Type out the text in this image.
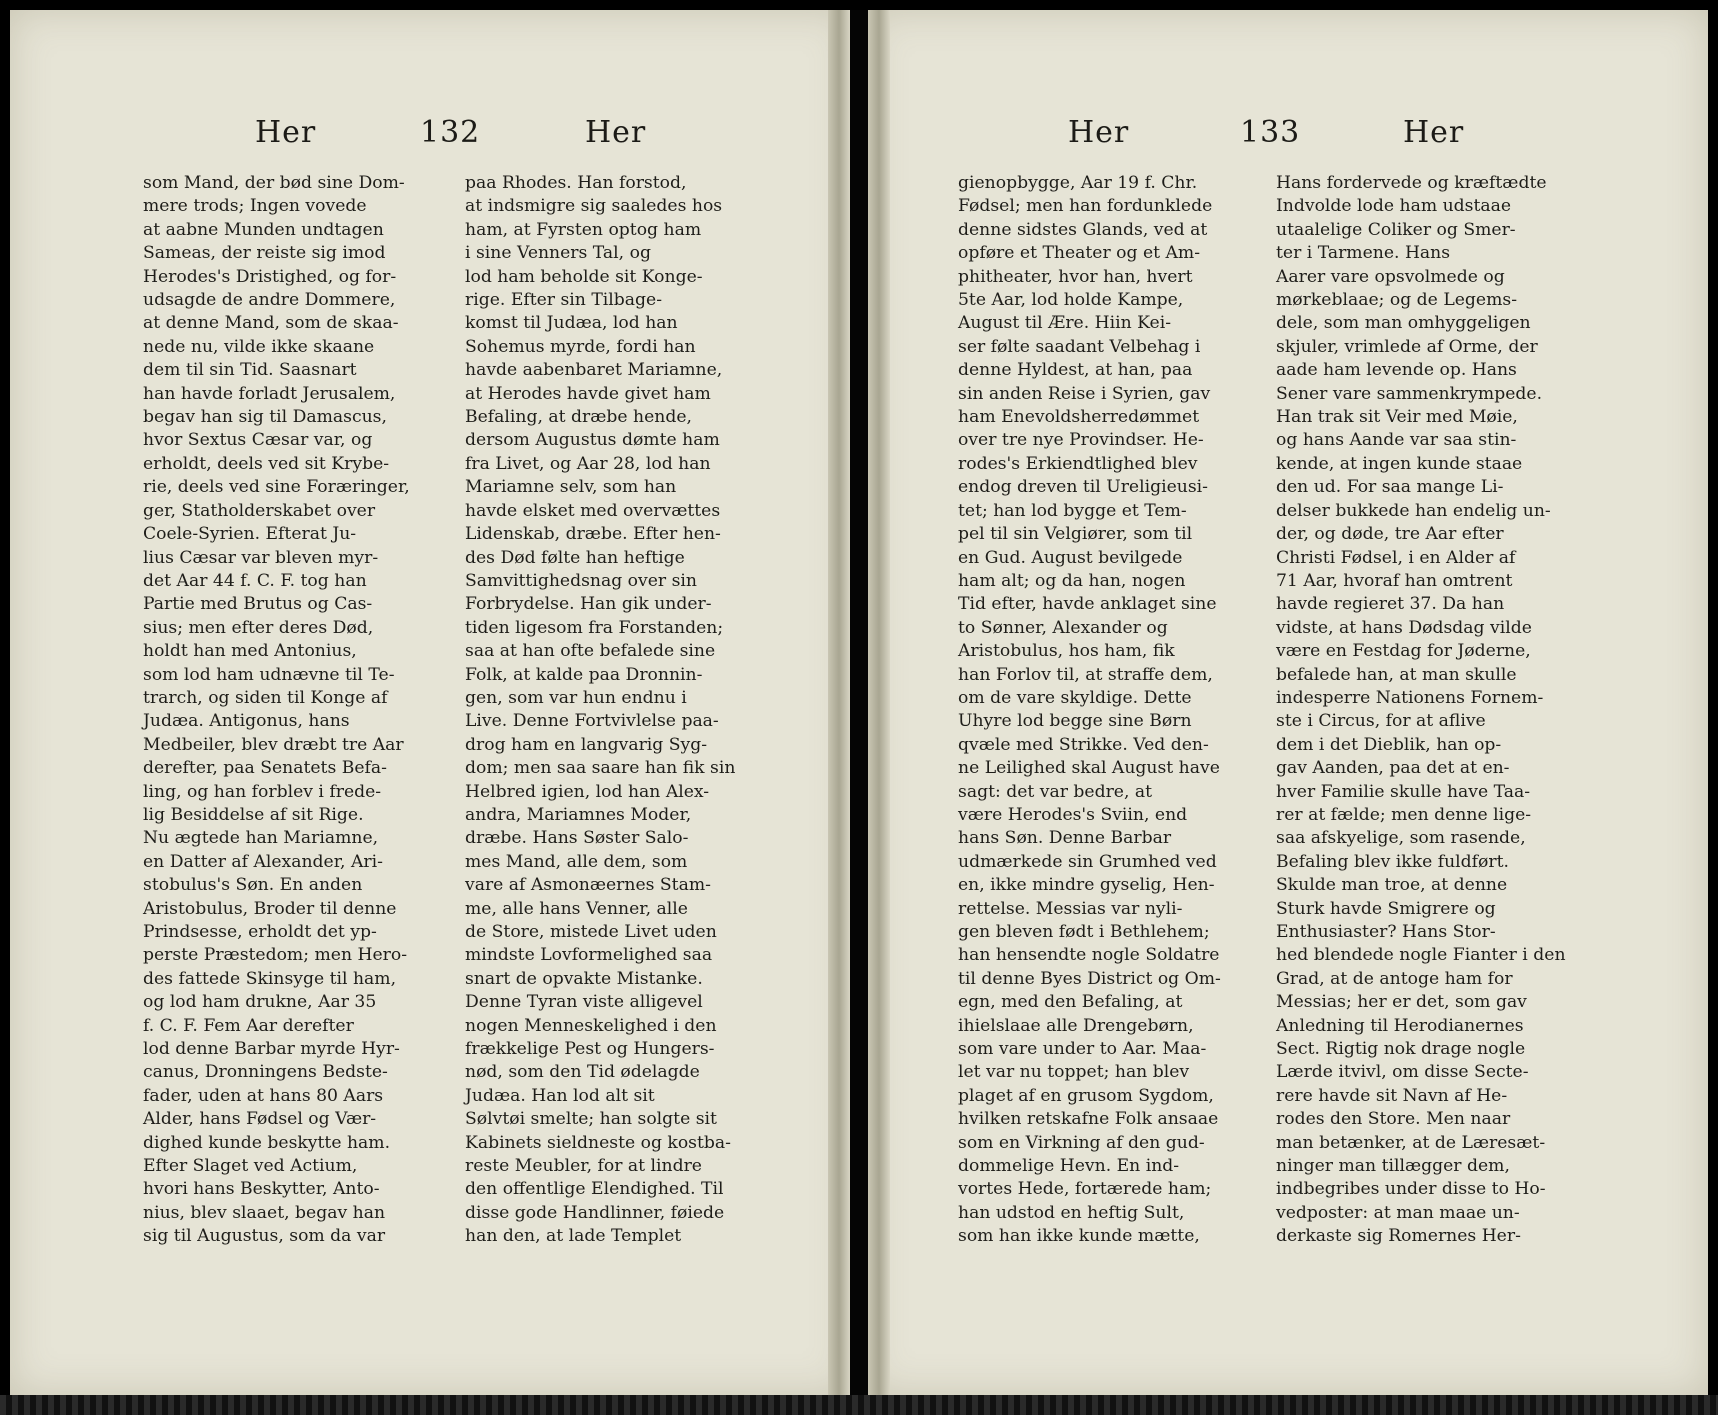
Her	132	Her
som Mand, der bød sine Dom-
mere trods; Ingen vovede
at aabne Munden undtagen
Sameas, der reiste sig imod
Herodes's Dristighed, og for-
udsagde de andre Dommere,
at denne Mand, som de skaa-
nede nu, vilde ikke skaane
dem til sin Tid. Saasnart
han havde forladt Jerusalem,
begav han sig til Damascus,
hvor Sextus Cæsar var, og
erholdt, deels ved sit Krybe-
rie, deels ved sine Foræringer,
ger, Statholderskabet over
Coele-Syrien. Efterat Ju-
lius Cæsar var bleven myr-
det Aar 44 f. C. F. tog han
Partie med Brutus og Cas-
sius; men efter deres Død,
holdt han med Antonius,
som lod ham udnævne til Te-
trarch, og siden til Konge af
Judæa. Antigonus, hans
Medbeiler, blev dræbt tre Aar
derefter, paa Senatets Befa-
ling, og han forblev i frede-
lig Besiddelse af sit Rige.
Nu ægtede han Mariamne,
en Datter af Alexander, Ari-
stobulus's Søn. En anden
Aristobulus, Broder til denne
Prindsesse, erholdt det yp-
perste Præstedom; men Hero-
des fattede Skinsyge til ham,
og lod ham drukne, Aar 35
f. C. F. Fem Aar derefter
lod denne Barbar myrde Hyr-
canus, Dronningens Bedste-
fader, uden at hans 80 Aars
Alder, hans Fødsel og Vær-
dighed kunde beskytte ham.
Efter Slaget ved Actium,
hvori hans Beskytter, Anto-
nius, blev slaaet, begav han
sig til Augustus, som da var
paa Rhodes. Han forstod,
at indsmigre sig saaledes hos
ham, at Fyrsten optog ham
i sine Venners Tal, og
lod ham beholde sit Konge-
rige. Efter sin Tilbage-
komst til Judæa, lod han
Sohemus myrde, fordi han
havde aabenbaret Mariamne,
at Herodes havde givet ham
Befaling, at dræbe hende,
dersom Augustus dømte ham
fra Livet, og Aar 28, lod han
Mariamne selv, som han
havde elsket med overvættes
Lidenskab, dræbe. Efter hen-
des Død følte han heftige
Samvittighedsnag over sin
Forbrydelse. Han gik under-
tiden ligesom fra Forstanden;
saa at han ofte befalede sine
Folk, at kalde paa Dronnin-
gen, som var hun endnu i
Live. Denne Fortvivlelse paa-
drog ham en langvarig Syg-
dom; men saa saare han fik sin
Helbred igien, lod han Alex-
andra, Mariamnes Moder,
dræbe. Hans Søster Salo-
mes Mand, alle dem, som
vare af Asmonæernes Stam-
me, alle hans Venner, alle
de Store, mistede Livet uden
mindste Lovformelighed saa
snart de opvakte Mistanke.
Denne Tyran viste alligevel
nogen Menneskelighed i den
frækkelige Pest og Hungers-
nød, som den Tid ødelagde
Judæa. Han lod alt sit
Sølvtøi smelte; han solgte sit
Kabinets sieldneste og kostba-
reste Meubler, for at lindre
den offentlige Elendighed. Til
disse gode Handlinner, føiede
han den, at lade Templet
Her	133	Her
gienopbygge, Aar 19 f. Chr.
Fødsel; men han fordunklede
denne sidstes Glands, ved at
opføre et Theater og et Am-
phitheater, hvor han, hvert
5te Aar, lod holde Kampe,
August til Ære. Hiin Kei-
ser følte saadant Velbehag i
denne Hyldest, at han, paa
sin anden Reise i Syrien, gav
ham Enevoldsherredømmet
over tre nye Provindser. He-
rodes's Erkiendtlighed blev
endog dreven til Ureligieusi-
tet; han lod bygge et Tem-
pel til sin Velgiører, som til
en Gud. August bevilgede
ham alt; og da han, nogen
Tid efter, havde anklaget sine
to Sønner, Alexander og
Aristobulus, hos ham, fik
han Forlov til, at straffe dem,
om de vare skyldige. Dette
Uhyre lod begge sine Børn
qvæle med Strikke. Ved den-
ne Leilighed skal August have
sagt: det var bedre, at
være Herodes's Sviin, end
hans Søn. Denne Barbar
udmærkede sin Grumhed ved
en, ikke mindre gyselig, Hen-
rettelse. Messias var nyli-
gen bleven født i Bethlehem;
han hensendte nogle Soldatre
til denne Byes District og Om-
egn, med den Befaling, at
ihielslaae alle Drengebørn,
som vare under to Aar. Maa-
let var nu toppet; han blev
plaget af en grusom Sygdom,
hvilken retskafne Folk ansaae
som en Virkning af den gud-
dommelige Hevn. En ind-
vortes Hede, fortærede ham;
han udstod en heftig Sult,
som han ikke kunde mætte,
Hans fordervede og kræftædte
Indvolde lode ham udstaae
utaalelige Coliker og Smer-
ter i Tarmene. Hans
Aarer vare opsvolmede og
mørkeblaae; og de Legems-
dele, som man omhyggeligen
skjuler, vrimlede af Orme, der
aade ham levende op. Hans
Sener vare sammenkrympede.
Han trak sit Veir med Møie,
og hans Aande var saa stin-
kende, at ingen kunde staae
den ud. For saa mange Li-
delser bukkede han endelig un-
der, og døde, tre Aar efter
Christi Fødsel, i en Alder af
71 Aar, hvoraf han omtrent
havde regieret 37. Da han
vidste, at hans Dødsdag vilde
være en Festdag for Jøderne,
befalede han, at man skulle
indesperre Nationens Fornem-
ste i Circus, for at aflive
dem i det Dieblik, han op-
gav Aanden, paa det at en-
hver Familie skulle have Taa-
rer at fælde; men denne lige-
saa afskyelige, som rasende,
Befaling blev ikke fuldført.
Skulde man troe, at denne
Sturk havde Smigrere og
Enthusiaster? Hans Stor-
hed blendede nogle Fianter i den
Grad, at de antoge ham for
Messias; her er det, som gav
Anledning til Herodianernes
Sect. Rigtig nok drage nogle
Lærde itvivl, om disse Secte-
rere havde sit Navn af He-
rodes den Store. Men naar
man betænker, at de Læresæt-
ninger man tillægger dem,
indbegribes under disse to Ho-
vedposter: at man maae un-
derkaste sig Romernes Her-
